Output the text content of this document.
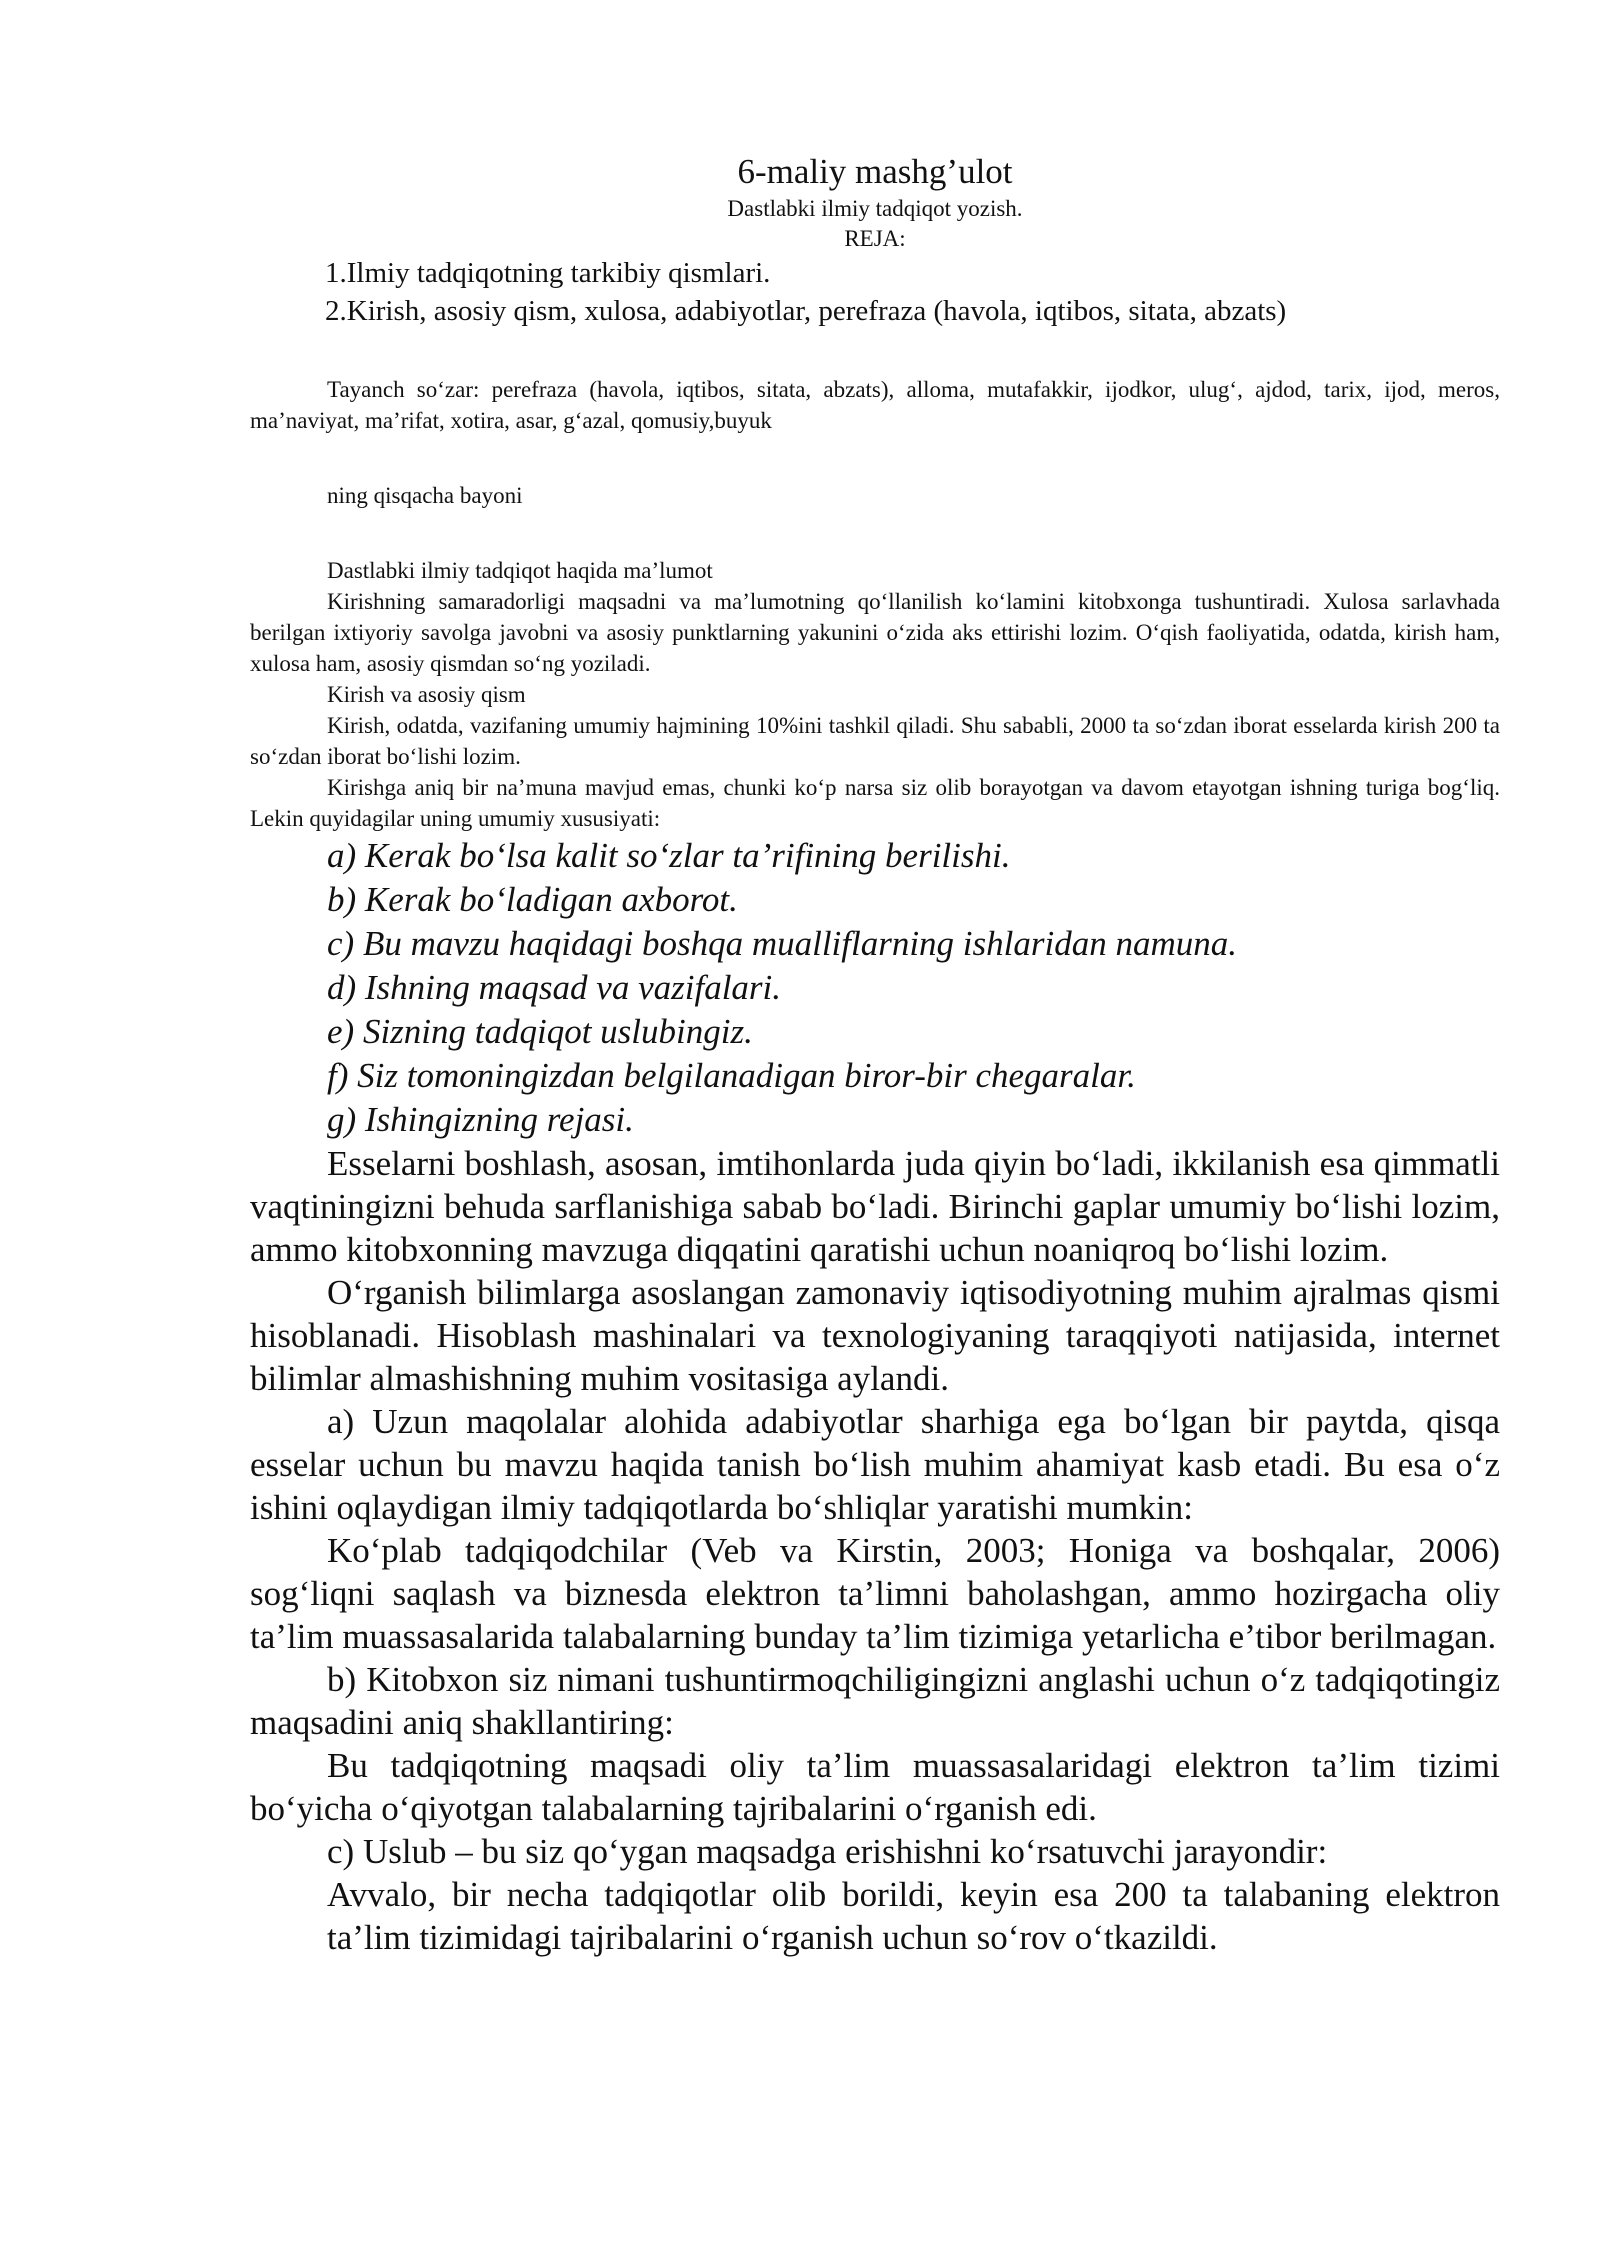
6-maliy mashg’ulot
Dastlabki ilmiy tadqiqot yozish.
REJA:
1.Ilmiy tadqiqotning tarkibiy qismlari.
2.Kirish, asosiy qism, xulosa, adabiyotlar, perefraza (havola, iqtibos, sitata, abzats)

Tayanch so‘zar: perefraza (havola, iqtibos, sitata, abzats), alloma, mutafakkir, ijodkor, ulug‘, ajdod, tarix, ijod, meros, ma’naviyat, ma’rifat, xotira, asar, g‘azal, qomusiy,buyuk

ning qisqacha bayoni

Dastlabki ilmiy tadqiqot haqida ma’lumot

Kirishning samaradorligi maqsadni va ma’lumotning qo‘llanilish ko‘lamini kitobxonga tushuntiradi. Xulosa sarlavhada berilgan ixtiyoriy savolga javobni va asosiy punktlarning yakunini o‘zida aks ettirishi lozim. O‘qish faoliyatida, odatda, kirish ham, xulosa ham, asosiy qismdan so‘ng yoziladi.

Kirish va asosiy qism

Kirish, odatda, vazifaning umumiy hajmining 10%ini tashkil qiladi. Shu sababli, 2000 ta so‘zdan iborat esselarda kirish 200 ta so‘zdan iborat bo‘lishi lozim.

Kirishga aniq bir na’muna mavjud emas, chunki ko‘p narsa siz olib borayotgan va davom etayotgan ishning turiga bog‘liq. Lekin quyidagilar uning umumiy xususiyati:

a) Kerak bo‘lsa kalit so‘zlar ta’rifining berilishi.
b) Kerak bo‘ladigan axborot.
c) Bu mavzu haqidagi boshqa mualliflarning ishlaridan namuna.
d) Ishning maqsad va vazifalari.
e) Sizning tadqiqot uslubingiz.
f) Siz tomoningizdan belgilanadigan biror-bir chegaralar.
g) Ishingizning rejasi.

Esselarni boshlash, asosan, imtihonlarda juda qiyin bo‘ladi, ikkilanish esa qimmatli vaqtiningizni behuda sarflanishiga sabab bo‘ladi. Birinchi gaplar umumiy bo‘lishi lozim, ammo kitobxonning mavzuga diqqatini qaratishi uchun noaniqroq bo‘lishi lozim.

O‘rganish bilimlarga asoslangan zamonaviy iqtisodiyotning muhim ajralmas qismi hisoblanadi. Hisoblash mashinalari va texnologiyaning taraqqiyoti natijasida, internet bilimlar almashishning muhim vositasiga aylandi.

a) Uzun maqolalar alohida adabiyotlar sharhiga ega bo‘lgan bir paytda, qisqa esselar uchun bu mavzu haqida tanish bo‘lish muhim ahamiyat kasb etadi. Bu esa o‘z ishini oqlaydigan ilmiy tadqiqotlarda bo‘shliqlar yaratishi mumkin:

Ko‘plab tadqiqodchilar (Veb va Kirstin, 2003; Honiga va boshqalar, 2006) sog‘liqni saqlash va biznesda elektron ta’limni baholashgan, ammo hozirgacha oliy ta’lim muassasalarida talabalarning bunday ta’lim tizimiga yetarlicha e’tibor berilmagan.

b) Kitobxon siz nimani tushuntirmoqchiligingizni anglashi uchun o‘z tadqiqotingiz maqsadini aniq shakllantiring:

Bu tadqiqotning maqsadi oliy ta’lim muassasalaridagi elektron ta’lim tizimi bo‘yicha o‘qiyotgan talabalarning tajribalarini o‘rganish edi.

c) Uslub – bu siz qo‘ygan maqsadga erishishni ko‘rsatuvchi jarayondir:

Avvalo, bir necha tadqiqotlar olib borildi, keyin esa 200 ta talabaning elektron ta’lim tizimidagi tajribalarini o‘rganish uchun so‘rov o‘tkazildi.
